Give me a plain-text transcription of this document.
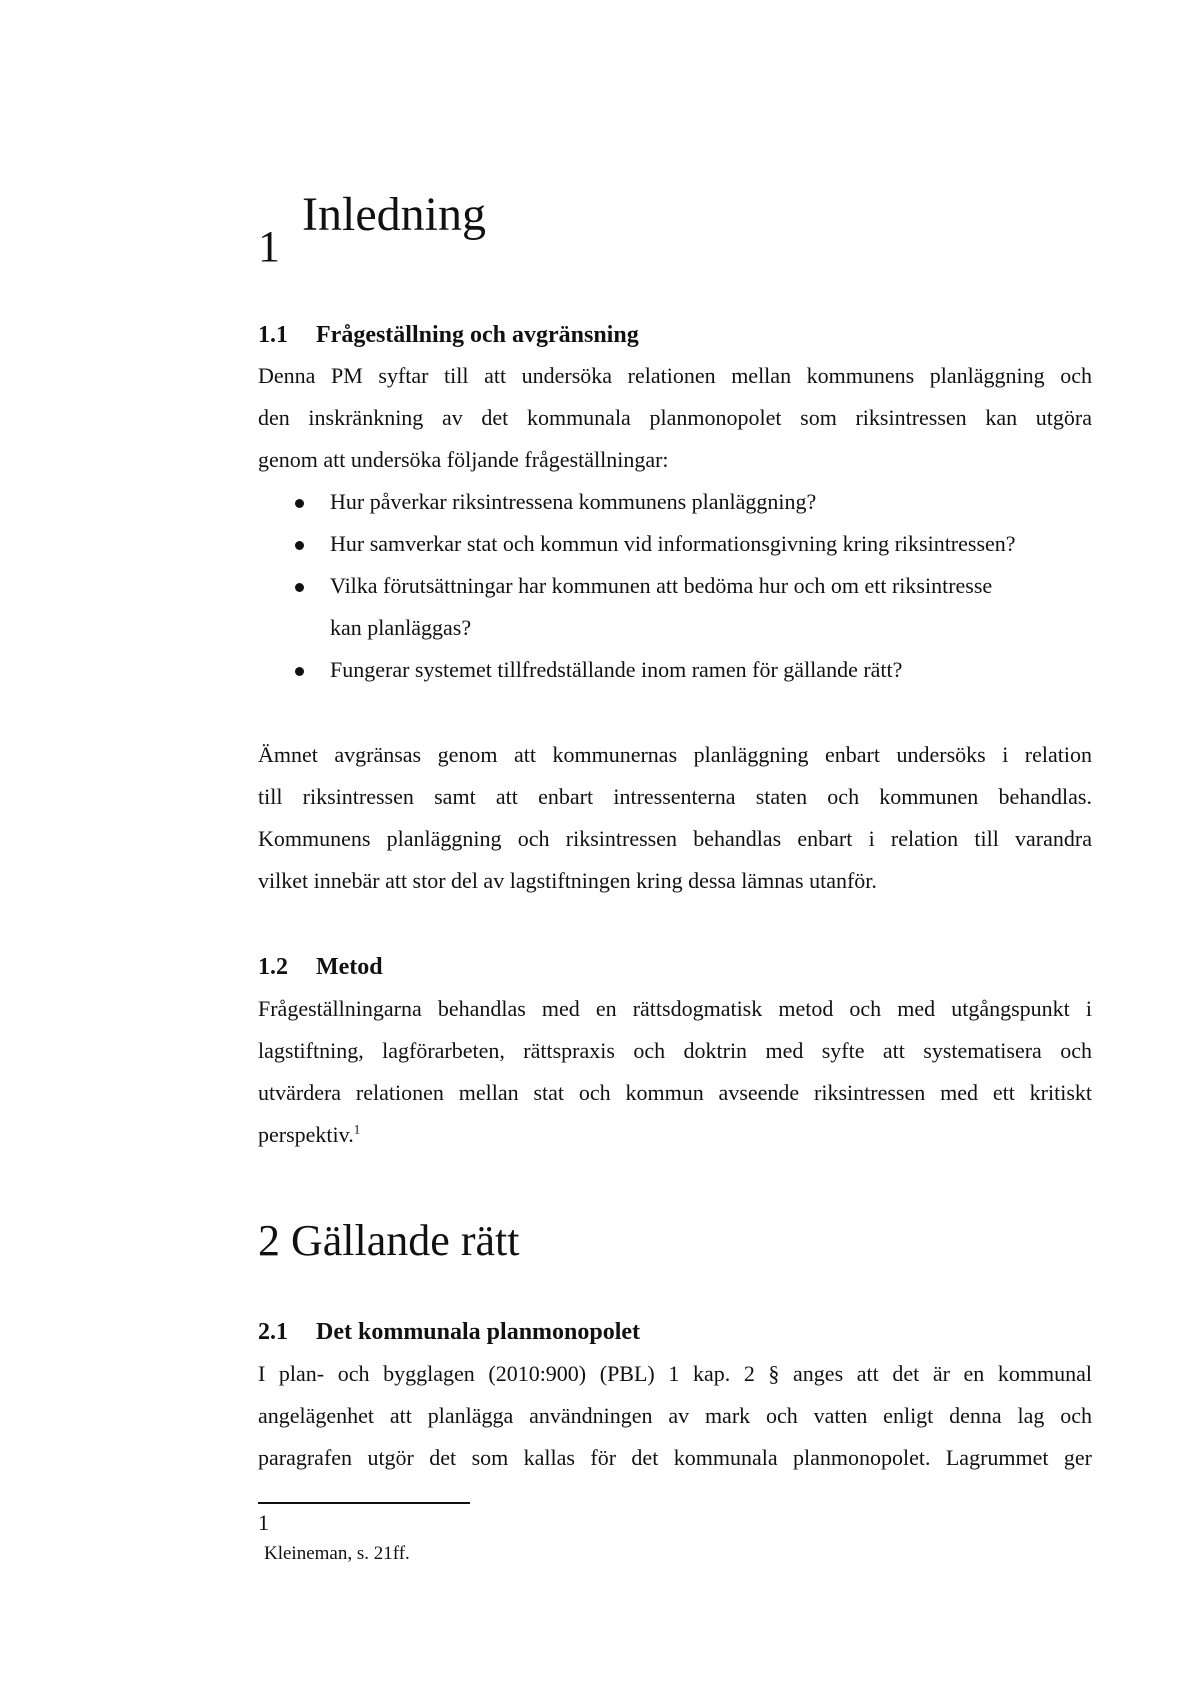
1
Inledning
1.1 Frågeställning och avgränsning
Denna PM syftar till att undersöka relationen mellan kommunens planläggning och
den inskränkning av det kommunala planmonopolet som riksintressen kan utgöra
genom att undersöka följande frågeställningar:
Hur påverkar riksintressena kommunens planläggning?
Hur samverkar stat och kommun vid informationsgivning kring riksintressen?
Vilka förutsättningar har kommunen att bedöma hur och om ett riksintresse
kan planläggas?
Fungerar systemet tillfredställande inom ramen för gällande rätt?
Ämnet avgränsas genom att kommunernas planläggning enbart undersöks i relation
till riksintressen samt att enbart intressenterna staten och kommunen behandlas.
Kommunens planläggning och riksintressen behandlas enbart i relation till varandra
vilket innebär att stor del av lagstiftningen kring dessa lämnas utanför.
1.2 Metod
Frågeställningarna behandlas med en rättsdogmatisk metod och med utgångspunkt i
lagstiftning, lagförarbeten, rättspraxis och doktrin med syfte att systematisera och
utvärdera relationen mellan stat och kommun avseende riksintressen med ett kritiskt
perspektiv.$^1$
2 Gällande rätt
2.1 Det kommunala planmonopolet
I plan- och bygglagen (2010:900) (PBL) 1 kap. 2 § anges att det är en kommunal
angelägenhet att planlägga användningen av mark och vatten enligt denna lag och
paragrafen utgör det som kallas för det kommunala planmonopolet. Lagrummet ger
1
Kleineman, s. 21ff.
